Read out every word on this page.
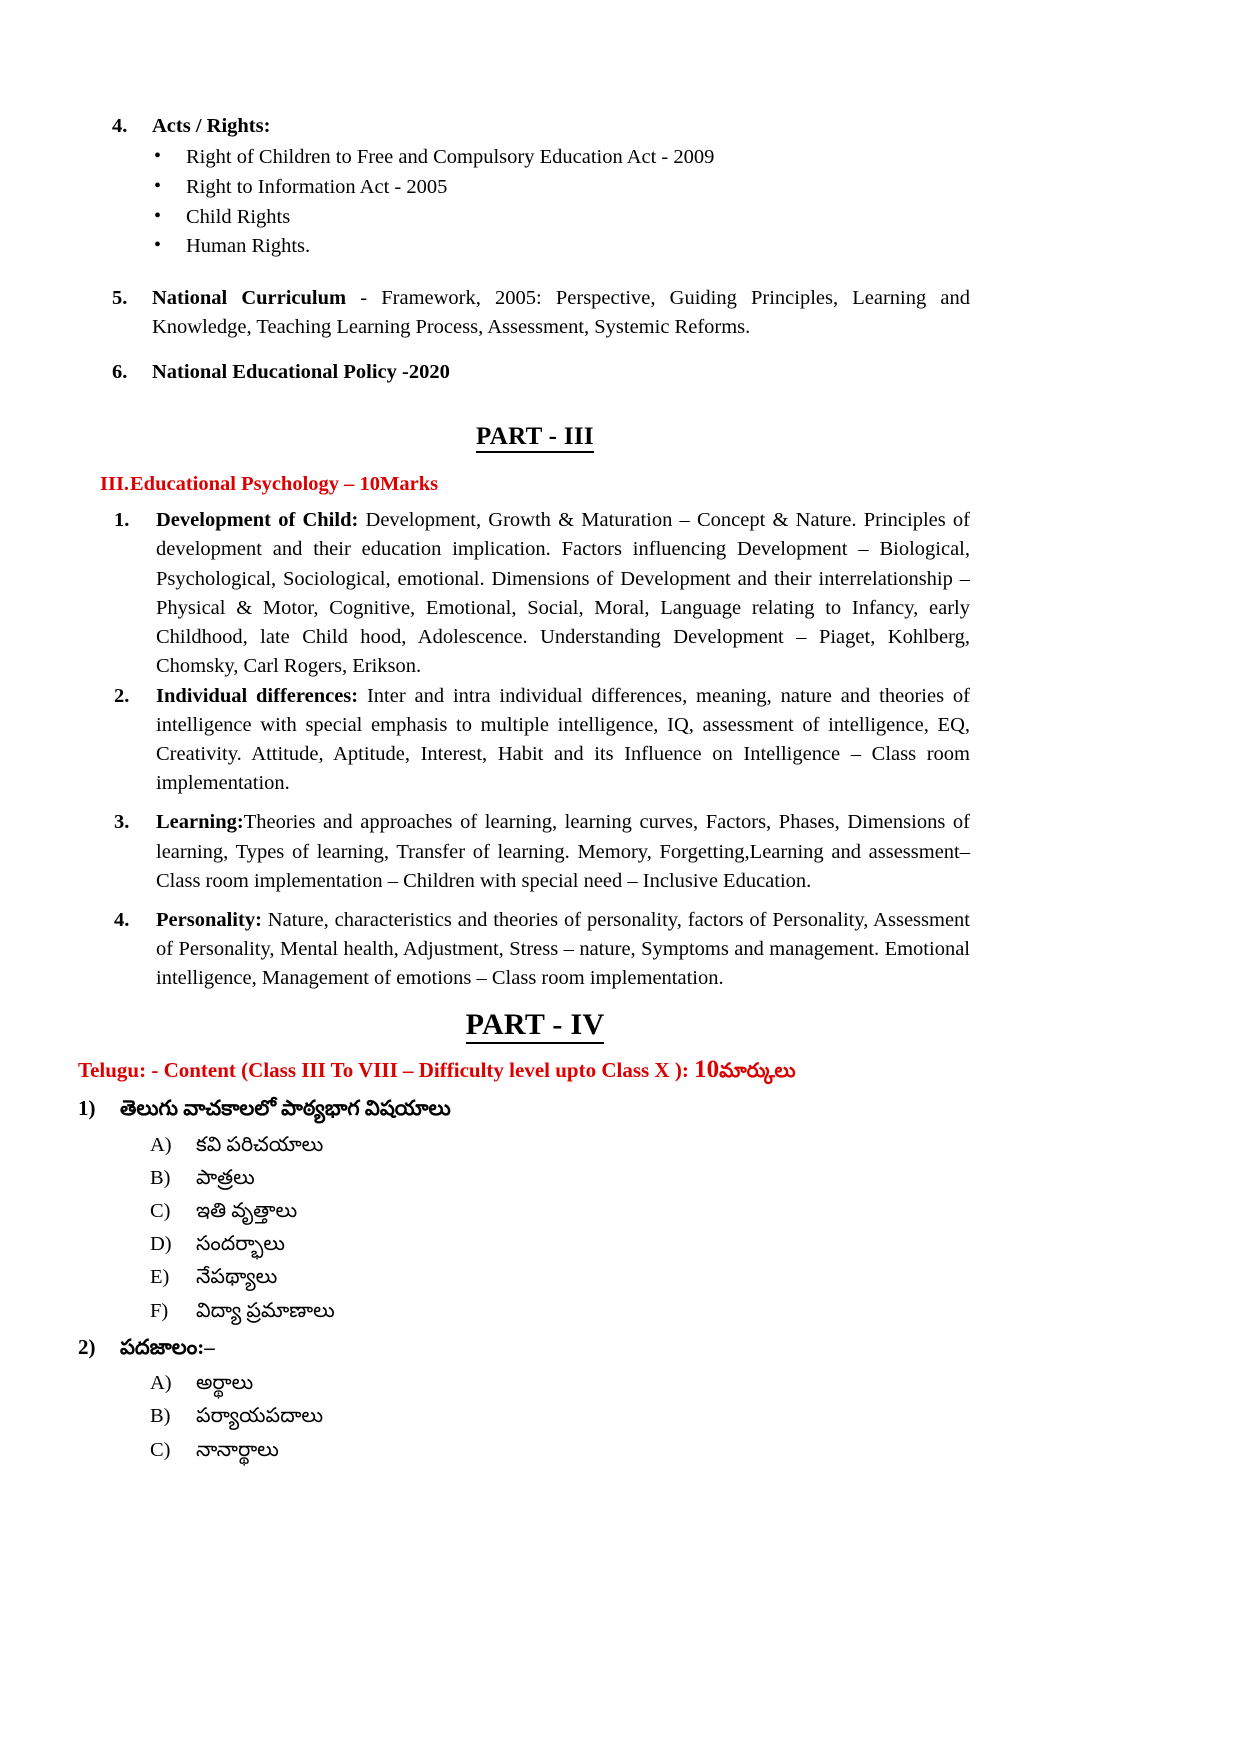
4. Acts / Rights:
• Right of Children to Free and Compulsory Education Act - 2009
• Right to Information Act - 2005
• Child Rights
• Human Rights.
5. National Curriculum - Framework, 2005: Perspective, Guiding Principles, Learning and Knowledge, Teaching Learning Process, Assessment, Systemic Reforms.
6. National Educational Policy -2020
PART - III
III.Educational Psychology – 10Marks
1. Development of Child: Development, Growth & Maturation – Concept & Nature. Principles of development and their education implication. Factors influencing Development – Biological, Psychological, Sociological, emotional. Dimensions of Development and their interrelationship – Physical & Motor, Cognitive, Emotional, Social, Moral, Language relating to Infancy, early Childhood, late Child hood, Adolescence. Understanding Development – Piaget, Kohlberg, Chomsky, Carl Rogers, Erikson.
2. Individual differences: Inter and intra individual differences, meaning, nature and theories of intelligence with special emphasis to multiple intelligence, IQ, assessment of intelligence, EQ, Creativity. Attitude, Aptitude, Interest, Habit and its Influence on Intelligence – Class room implementation.
3. Learning:Theories and approaches of learning, learning curves, Factors, Phases, Dimensions of learning, Types of learning, Transfer of learning. Memory, Forgetting,Learning and assessment– Class room implementation – Children with special need – Inclusive Education.
4. Personality: Nature, characteristics and theories of personality, factors of Personality, Assessment of Personality, Mental health, Adjustment, Stress – nature, Symptoms and management. Emotional intelligence, Management of emotions – Class room implementation.
PART - IV
Telugu: - Content (Class III To VIII – Difficulty level upto Class X ): 10మార్కులు
1) తెలుగు వాచకాలలో పాఠ్యభాగ విషయాలు
A) కవి పరిచయాలు
B) పాత్రలు
C) ఇతి వృత్తాలు
D) సందర్భాలు
E) నేపథ్యాలు
F) విద్యా ప్రమాణాలు
2) పదజాలం:–
A) అర్థాలు
B) పర్యాయపదాలు
C) నానార్థాలు
